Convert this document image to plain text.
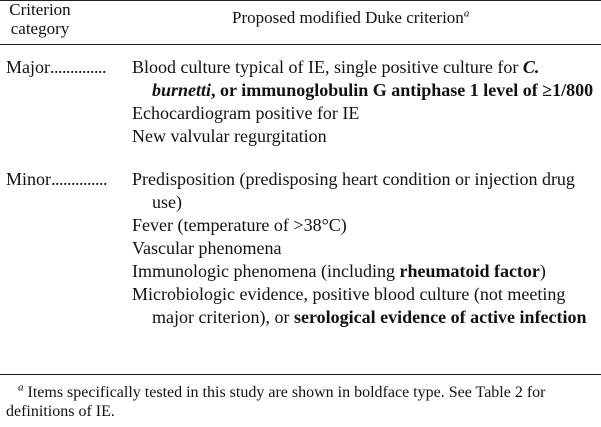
Criterion
category
Proposed modified Duke criterion$^a$
Major.............. Blood culture typical of IE, single positive culture for C. burnetti, or immunoglobulin G antiphase 1 level of ≥1/800

Echocardiogram positive for IE

New valvular regurgitation

Minor.............. Predisposition (predisposing heart condition or injection drug use)

Fever (temperature of >38°C)

Vascular phenomena

Immunologic phenomena (including rheumatoid factor)

Microbiologic evidence, positive blood culture (not meeting major criterion), or serological evidence of active infection

$^a$ Items specifically tested in this study are shown in boldface type. See Table 2 for definitions of IE.
